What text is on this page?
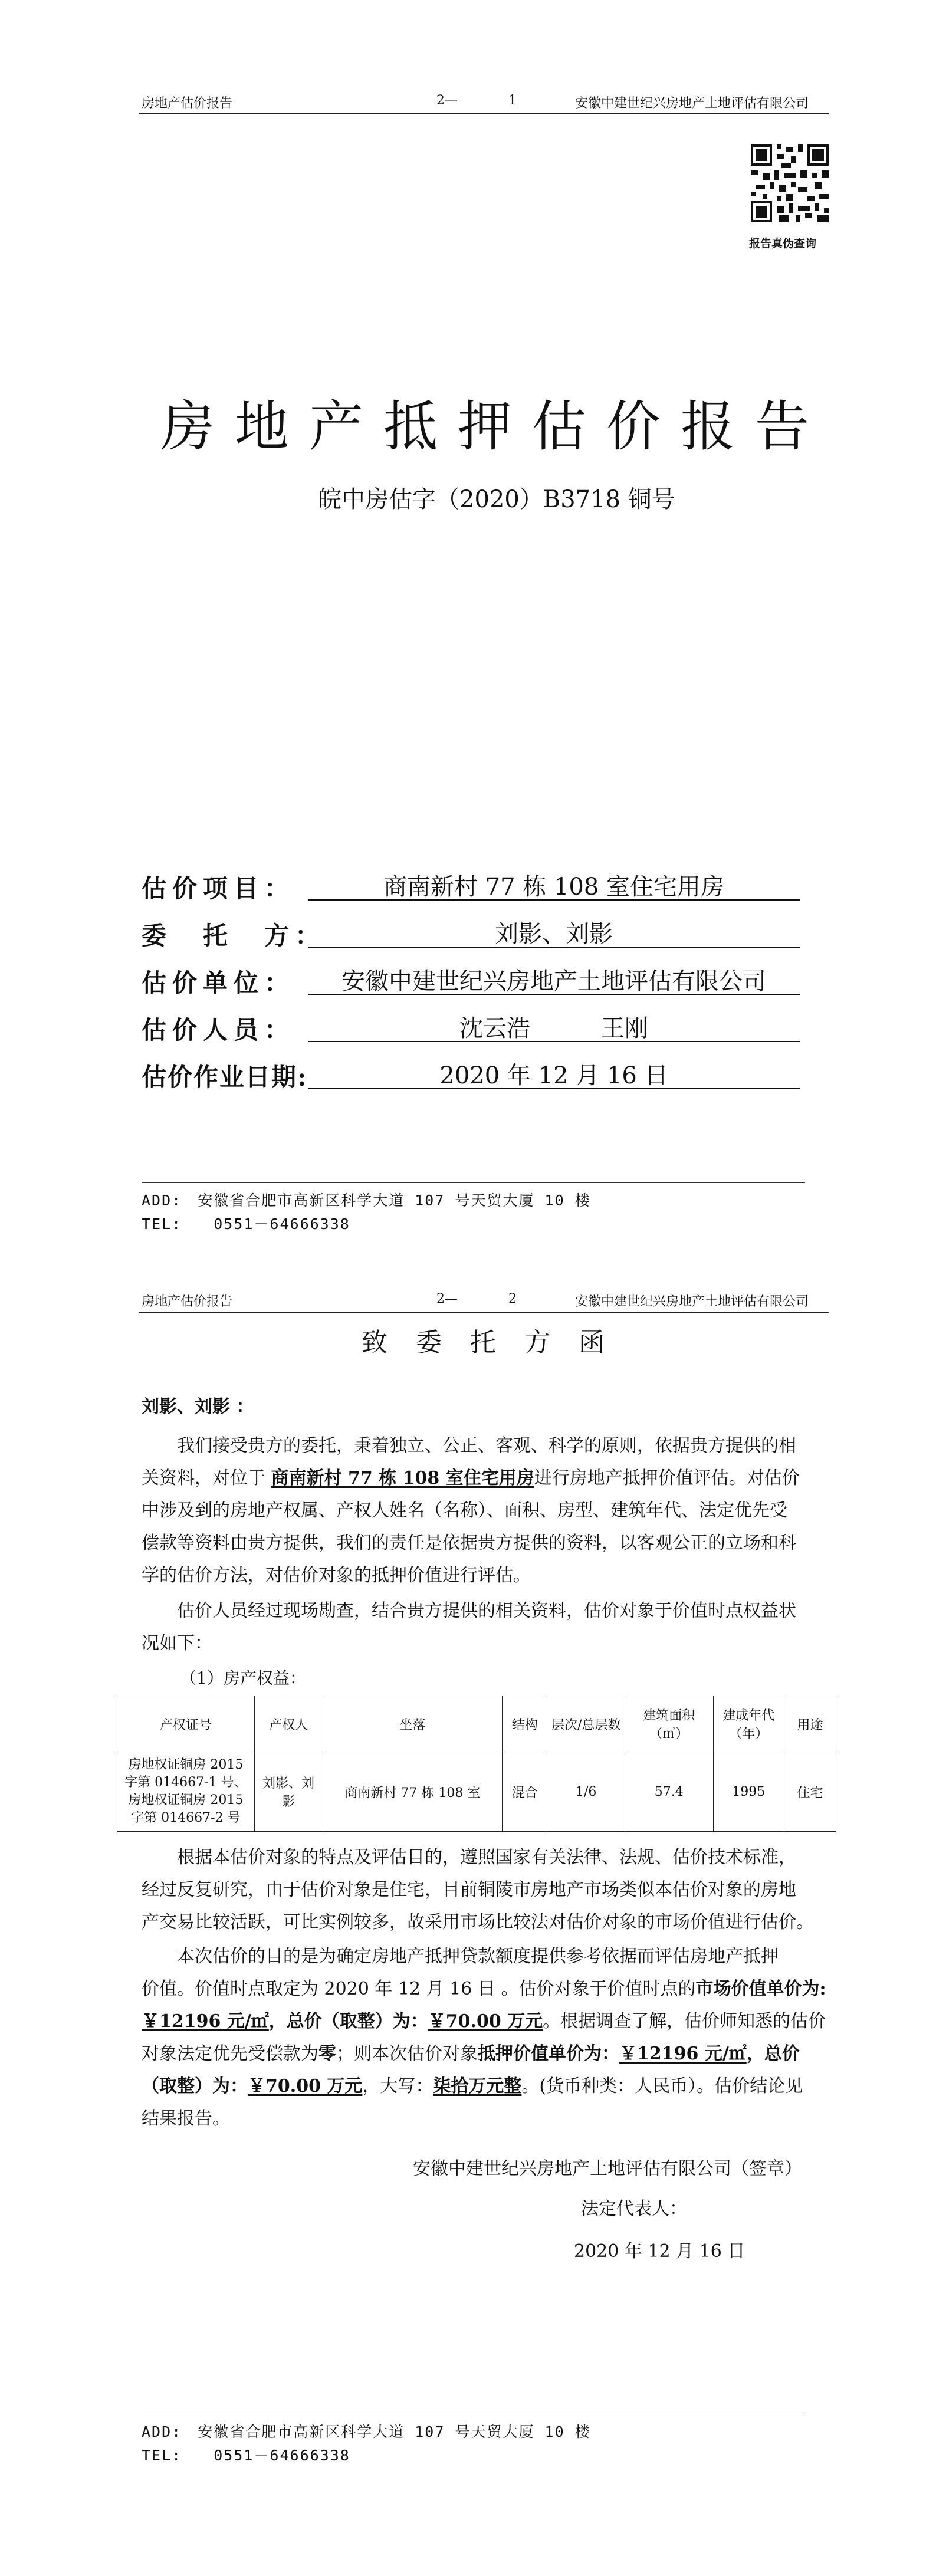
房地产估价报告	2—	1	安徽中建世纪兴房地产土地评估有限公司
报告真伪查询
房地产抵押估价报告
皖中房估字（2020）B3718 铜号
估价项目：	商南新村 77 栋 108 室住宅用房
委　托　方：	刘影、刘影
估价单位：	安徽中建世纪兴房地产土地评估有限公司
估价人员：	沈云浩　　　王刚
估价作业日期:	2020 年 12 月 16 日
ADD:　安徽省合肥市高新区科学大道 107 号天贸大厦 10 楼
TEL:　　0551－64666338
房地产估价报告	2—	2	安徽中建世纪兴房地产土地评估有限公司
致委托方函
刘影、刘影 ：
我们接受贵方的委托，秉着独立、公正、客观、科学的原则，依据贵方提供的相
关资料，对位于 商南新村 77 栋 108 室住宅用房进行房地产抵押价值评估。对估价
中涉及到的房地产权属、产权人姓名（名称）、面积、房型、建筑年代、法定优先受
偿款等资料由贵方提供，我们的责任是依据贵方提供的资料，以客观公正的立场和科
学的估价方法，对估价对象的抵押价值进行评估。
估价人员经过现场勘查，结合贵方提供的相关资料，估价对象于价值时点权益状
况如下：
（1）房产权益：
产权证号	产权人	坐落	结构	层次/总层数	建筑面积（㎡）	建成年代（年）	用途
房地权证铜房 2015 字第 014667-1 号、房地权证铜房 2015 字第 014667-2 号	刘影、刘影	商南新村 77 栋 108 室	混合	1/6	57.4	1995	住宅
根据本估价对象的特点及评估目的，遵照国家有关法律、法规、估价技术标准，
经过反复研究，由于估价对象是住宅，目前铜陵市房地产市场类似本估价对象的房地
产交易比较活跃，可比实例较多，故采用市场比较法对估价对象的市场价值进行估价。
本次估价的目的是为确定房地产抵押贷款额度提供参考依据而评估房地产抵押
价值。价值时点取定为 2020 年 12 月 16 日 。估价对象于价值时点的市场价值单价为:
￥12196 元/㎡，总价（取整）为：￥70.00 万元。根据调查了解，估价师知悉的估价
对象法定优先受偿款为零；则本次估价对象抵押价值单价为：￥12196 元/㎡，总价
（取整）为：￥70.00 万元，大写：柒拾万元整。(货币种类：人民币）。估价结论见
结果报告。
安徽中建世纪兴房地产土地评估有限公司（签章）
法定代表人：
2020 年 12 月 16 日
ADD:　安徽省合肥市高新区科学大道 107 号天贸大厦 10 楼
TEL:　　0551－64666338
